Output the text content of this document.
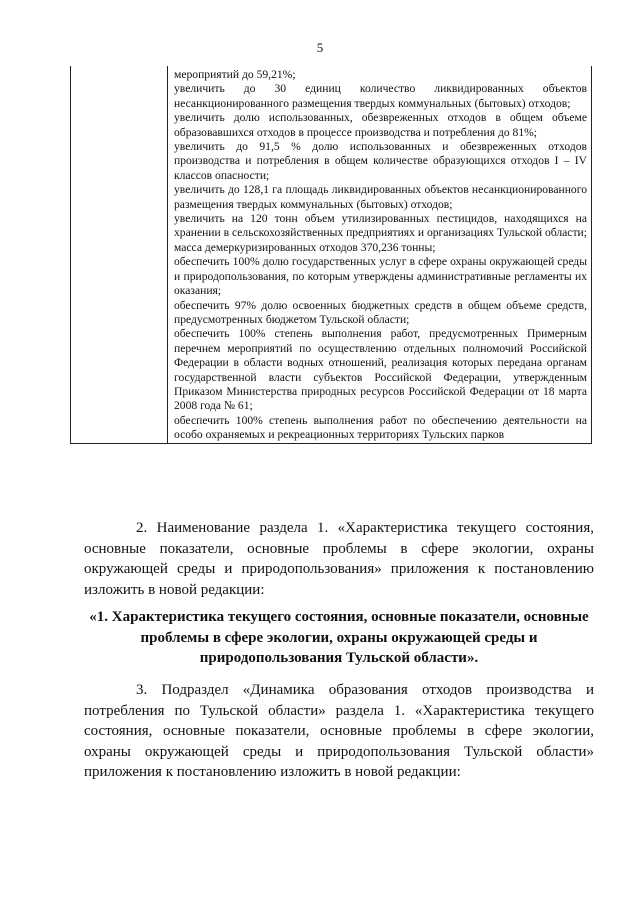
5
мероприятий до 59,21%;
увеличить до 30 единиц количество ликвидированных объектов несанкционированного размещения твердых коммунальных (бытовых) отходов;
увеличить долю использованных, обезвреженных отходов в общем объеме образовавшихся отходов в процессе производства и потребления до 81%;
увеличить до 91,5 % долю использованных и обезвреженных отходов производства и потребления в общем количестве образующихся отходов I – IV классов опасности;
увеличить до 128,1 га площадь ликвидированных объектов несанкционированного размещения твердых коммунальных (бытовых) отходов;
увеличить на 120 тонн объем утилизированных пестицидов, находящихся на хранении в сельскохозяйственных предприятиях и организациях Тульской области;
масса демеркуризированных отходов 370,236 тонны;
обеспечить 100% долю государственных услуг в сфере охраны окружающей среды и природопользования, по которым утверждены административные регламенты их оказания;
обеспечить 97% долю освоенных бюджетных средств в общем объеме средств, предусмотренных бюджетом Тульской области;
обеспечить 100% степень выполнения работ, предусмотренных Примерным перечнем мероприятий по осуществлению отдельных полномочий Российской Федерации в области водных отношений, реализация которых передана органам государственной власти субъектов Российской Федерации, утвержденным Приказом Министерства природных ресурсов Российской Федерации от 18 марта 2008 года № 61;
обеспечить 100% степень выполнения работ по обеспечению деятельности на особо охраняемых и рекреационных территориях Тульских парков
2. Наименование раздела 1. «Характеристика текущего состояния, основные показатели, основные проблемы в сфере экологии, охраны окружающей среды и природопользования» приложения к постановлению изложить в новой редакции:
«1. Характеристика текущего состояния, основные показатели, основные проблемы в сфере экологии, охраны окружающей среды и природопользования Тульской области».
3. Подраздел «Динамика образования отходов производства и потребления по Тульской области» раздела 1. «Характеристика текущего состояния, основные показатели, основные проблемы в сфере экологии, охраны окружающей среды и природопользования Тульской области» приложения к постановлению изложить в новой редакции:
